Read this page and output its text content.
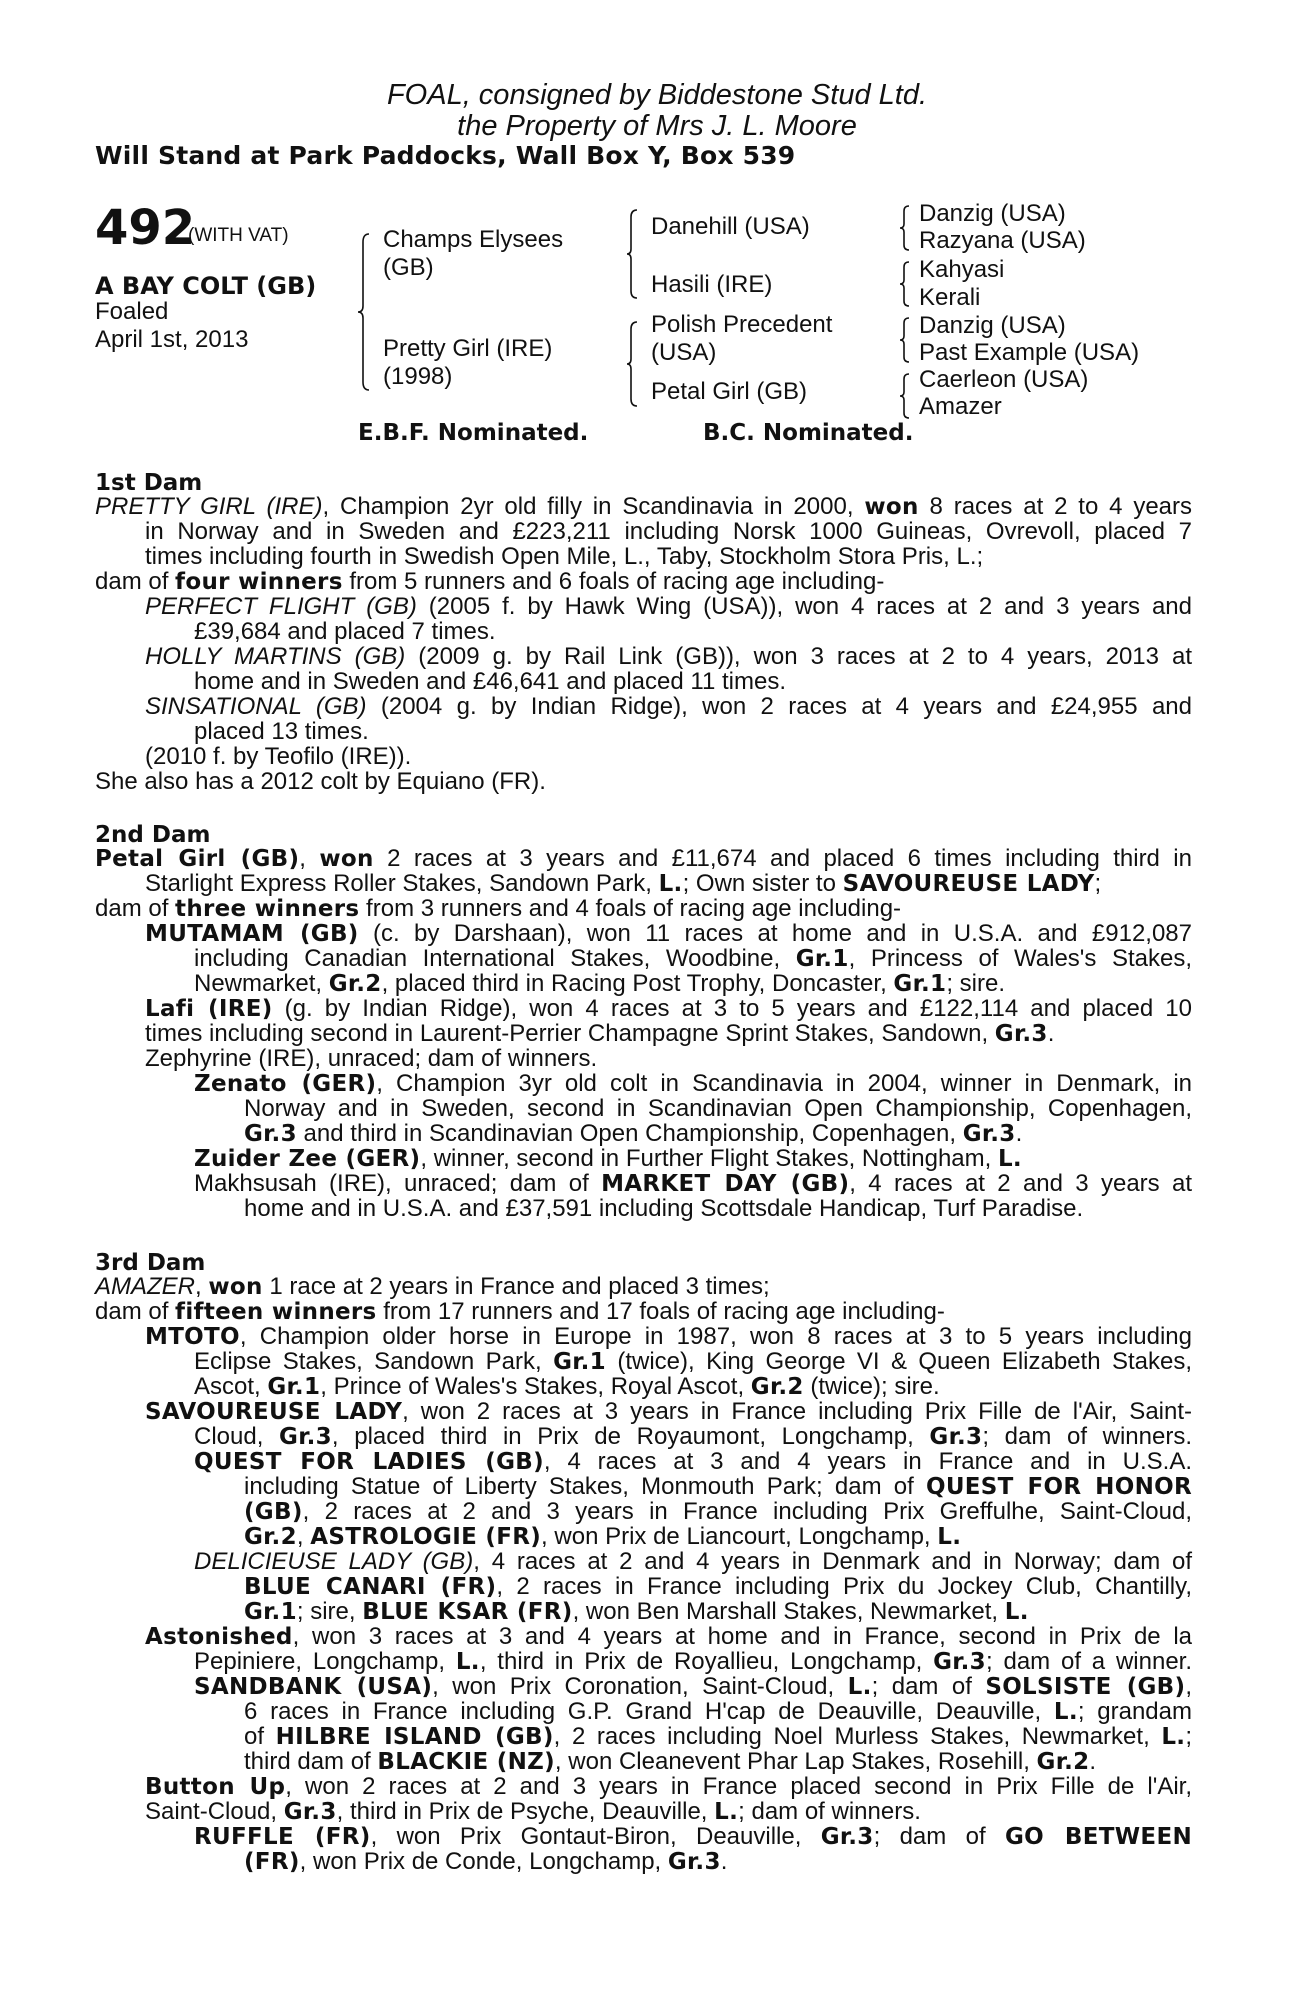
FOAL, consigned by Biddestone Stud Ltd.
the Property of Mrs J. L. Moore
Will Stand at Park Paddocks, Wall Box Y, Box 539
492
(WITH VAT)
A BAY COLT (GB)
Foaled
April 1st, 2013
Champs Elysees
(GB)
Pretty Girl (IRE)
(1998)
Danehill (USA)
Hasili (IRE)
Polish Precedent
(USA)
Petal Girl (GB)
Danzig (USA)
Razyana (USA)
Kahyasi
Kerali
Danzig (USA)
Past Example (USA)
Caerleon (USA)
Amazer
E.B.F. Nominated.	B.C. Nominated.
1st Dam
PRETTY GIRL (IRE), Champion 2yr old filly in Scandinavia in 2000, won 8 races at 2 to 4 years
in Norway and in Sweden and £223,211 including Norsk 1000 Guineas, Ovrevoll, placed 7
times including fourth in Swedish Open Mile, L., Taby, Stockholm Stora Pris, L.;
dam of four winners from 5 runners and 6 foals of racing age including-
PERFECT FLIGHT (GB) (2005 f. by Hawk Wing (USA)), won 4 races at 2 and 3 years and
£39,684 and placed 7 times.
HOLLY MARTINS (GB) (2009 g. by Rail Link (GB)), won 3 races at 2 to 4 years, 2013 at
home and in Sweden and £46,641 and placed 11 times.
SINSATIONAL (GB) (2004 g. by Indian Ridge), won 2 races at 4 years and £24,955 and
placed 13 times.
(2010 f. by Teofilo (IRE)).
She also has a 2012 colt by Equiano (FR).
2nd Dam
Petal Girl (GB), won 2 races at 3 years and £11,674 and placed 6 times including third in
Starlight Express Roller Stakes, Sandown Park, L.; Own sister to SAVOUREUSE LADY;
dam of three winners from 3 runners and 4 foals of racing age including-
MUTAMAM (GB) (c. by Darshaan), won 11 races at home and in U.S.A. and £912,087
including Canadian International Stakes, Woodbine, Gr.1, Princess of Wales's Stakes,
Newmarket, Gr.2, placed third in Racing Post Trophy, Doncaster, Gr.1; sire.
Lafi (IRE) (g. by Indian Ridge), won 4 races at 3 to 5 years and £122,114 and placed 10
times including second in Laurent-Perrier Champagne Sprint Stakes, Sandown, Gr.3.
Zephyrine (IRE), unraced; dam of winners.
Zenato (GER), Champion 3yr old colt in Scandinavia in 2004, winner in Denmark, in
Norway and in Sweden, second in Scandinavian Open Championship, Copenhagen,
Gr.3 and third in Scandinavian Open Championship, Copenhagen, Gr.3.
Zuider Zee (GER), winner, second in Further Flight Stakes, Nottingham, L.
Makhsusah (IRE), unraced; dam of MARKET DAY (GB), 4 races at 2 and 3 years at
home and in U.S.A. and £37,591 including Scottsdale Handicap, Turf Paradise.
3rd Dam
AMAZER, won 1 race at 2 years in France and placed 3 times;
dam of fifteen winners from 17 runners and 17 foals of racing age including-
MTOTO, Champion older horse in Europe in 1987, won 8 races at 3 to 5 years including
Eclipse Stakes, Sandown Park, Gr.1 (twice), King George VI & Queen Elizabeth Stakes,
Ascot, Gr.1, Prince of Wales's Stakes, Royal Ascot, Gr.2 (twice); sire.
SAVOUREUSE LADY, won 2 races at 3 years in France including Prix Fille de l'Air, Saint-
Cloud, Gr.3, placed third in Prix de Royaumont, Longchamp, Gr.3; dam of winners.
QUEST FOR LADIES (GB), 4 races at 3 and 4 years in France and in U.S.A.
including Statue of Liberty Stakes, Monmouth Park; dam of QUEST FOR HONOR
(GB), 2 races at 2 and 3 years in France including Prix Greffulhe, Saint-Cloud,
Gr.2, ASTROLOGIE (FR), won Prix de Liancourt, Longchamp, L.
DELICIEUSE LADY (GB), 4 races at 2 and 4 years in Denmark and in Norway; dam of
BLUE CANARI (FR), 2 races in France including Prix du Jockey Club, Chantilly,
Gr.1; sire, BLUE KSAR (FR), won Ben Marshall Stakes, Newmarket, L.
Astonished, won 3 races at 3 and 4 years at home and in France, second in Prix de la
Pepiniere, Longchamp, L., third in Prix de Royallieu, Longchamp, Gr.3; dam of a winner.
SANDBANK (USA), won Prix Coronation, Saint-Cloud, L.; dam of SOLSISTE (GB),
6 races in France including G.P. Grand H'cap de Deauville, Deauville, L.; grandam
of HILBRE ISLAND (GB), 2 races including Noel Murless Stakes, Newmarket, L.;
third dam of BLACKIE (NZ), won Cleanevent Phar Lap Stakes, Rosehill, Gr.2.
Button Up, won 2 races at 2 and 3 years in France placed second in Prix Fille de l'Air,
Saint-Cloud, Gr.3, third in Prix de Psyche, Deauville, L.; dam of winners.
RUFFLE (FR), won Prix Gontaut-Biron, Deauville, Gr.3; dam of GO BETWEEN
(FR), won Prix de Conde, Longchamp, Gr.3.
